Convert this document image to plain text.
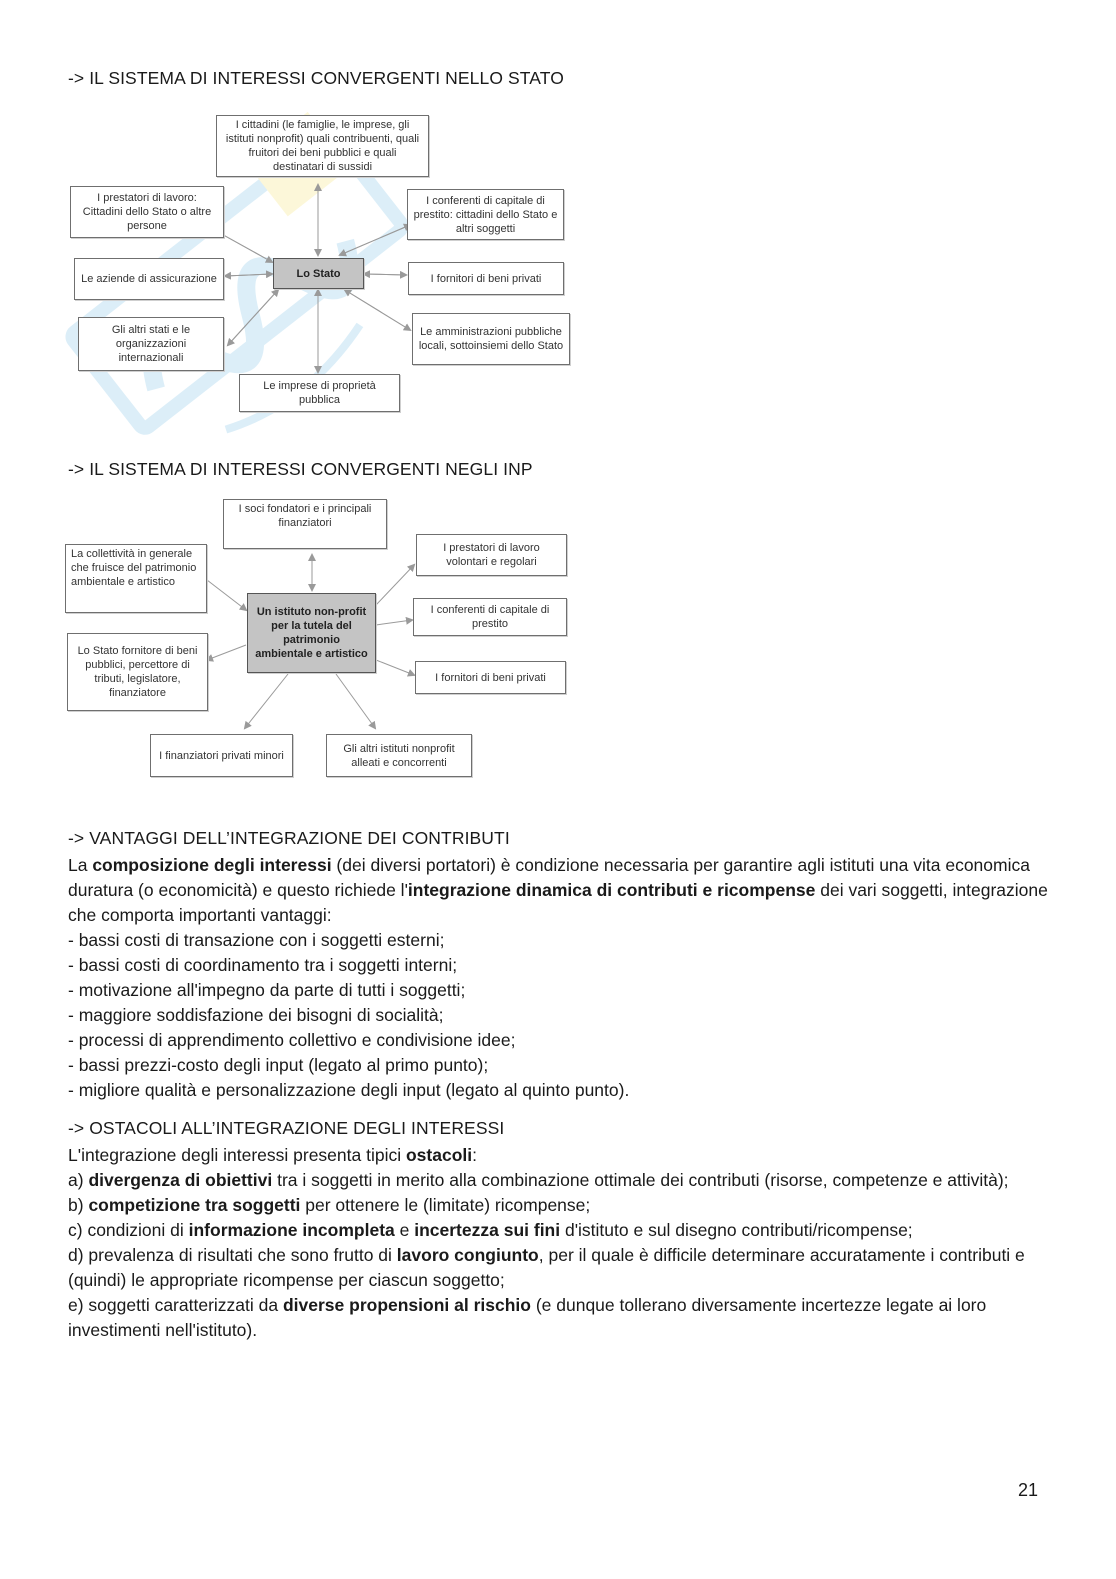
-> IL SISTEMA DI INTERESSI CONVERGENTI NELLO STATO
I cittadini (le famiglie, le imprese, gli istituti nonprofit) quali contribuenti, quali fruitori dei beni pubblici e quali destinatari di sussidi
I prestatori di lavoro: Cittadini dello Stato o altre persone
I conferenti di capitale di prestito: cittadini dello Stato e altri soggetti
Le aziende di assicurazione	Lo Stato	I fornitori di beni privati
Gli altri stati e le organizzazioni internazionali
Le amministrazioni pubbliche locali, sottoinsiemi dello Stato
Le imprese di proprietà pubblica
-> IL SISTEMA DI INTERESSI CONVERGENTI NEGLI INP
I soci fondatori e i principali finanziatori
La collettività in generale che fruisce del patrimonio ambientale e artistico
I prestatori di lavoro volontari e regolari
Un istituto non-profit per la tutela del patrimonio ambientale e artistico
I conferenti di capitale di prestito
Lo Stato fornitore di beni pubblici, percettore di tributi, legislatore, finanziatore
I fornitori di beni privati
I finanziatori privati minori
Gli altri istituti nonprofit alleati e concorrenti
-> VANTAGGI DELL’INTEGRAZIONE DEI CONTRIBUTI

La composizione degli interessi (dei diversi portatori) è condizione necessaria per garantire agli istituti una vita economica duratura (o economicità) e questo richiede l'integrazione dinamica di contributi e ricompense dei vari soggetti, integrazione che comporta importanti vantaggi:

- bassi costi di transazione con i soggetti esterni;
- bassi costi di coordinamento tra i soggetti interni;
- motivazione all'impegno da parte di tutti i soggetti;
- maggiore soddisfazione dei bisogni di socialità;
- processi di apprendimento collettivo e condivisione idee;
- bassi prezzi-costo degli input (legato al primo punto);
- migliore qualità e personalizzazione degli input (legato al quinto punto).
-> OSTACOLI ALL’INTEGRAZIONE DEGLI INTERESSI

L'integrazione degli interessi presenta tipici ostacoli:

a) divergenza di obiettivi tra i soggetti in merito alla combinazione ottimale dei contributi (risorse, competenze e attività);

b) competizione tra soggetti per ottenere le (limitate) ricompense;

c) condizioni di informazione incompleta e incertezza sui fini d'istituto e sul disegno contributi/ricompense;

d) prevalenza di risultati che sono frutto di lavoro congiunto, per il quale è difficile determinare accuratamente i contributi e (quindi) le appropriate ricompense per ciascun soggetto;

e) soggetti caratterizzati da diverse propensioni al rischio (e dunque tollerano diversamente incertezze legate ai loro investimenti nell'istituto).

21
